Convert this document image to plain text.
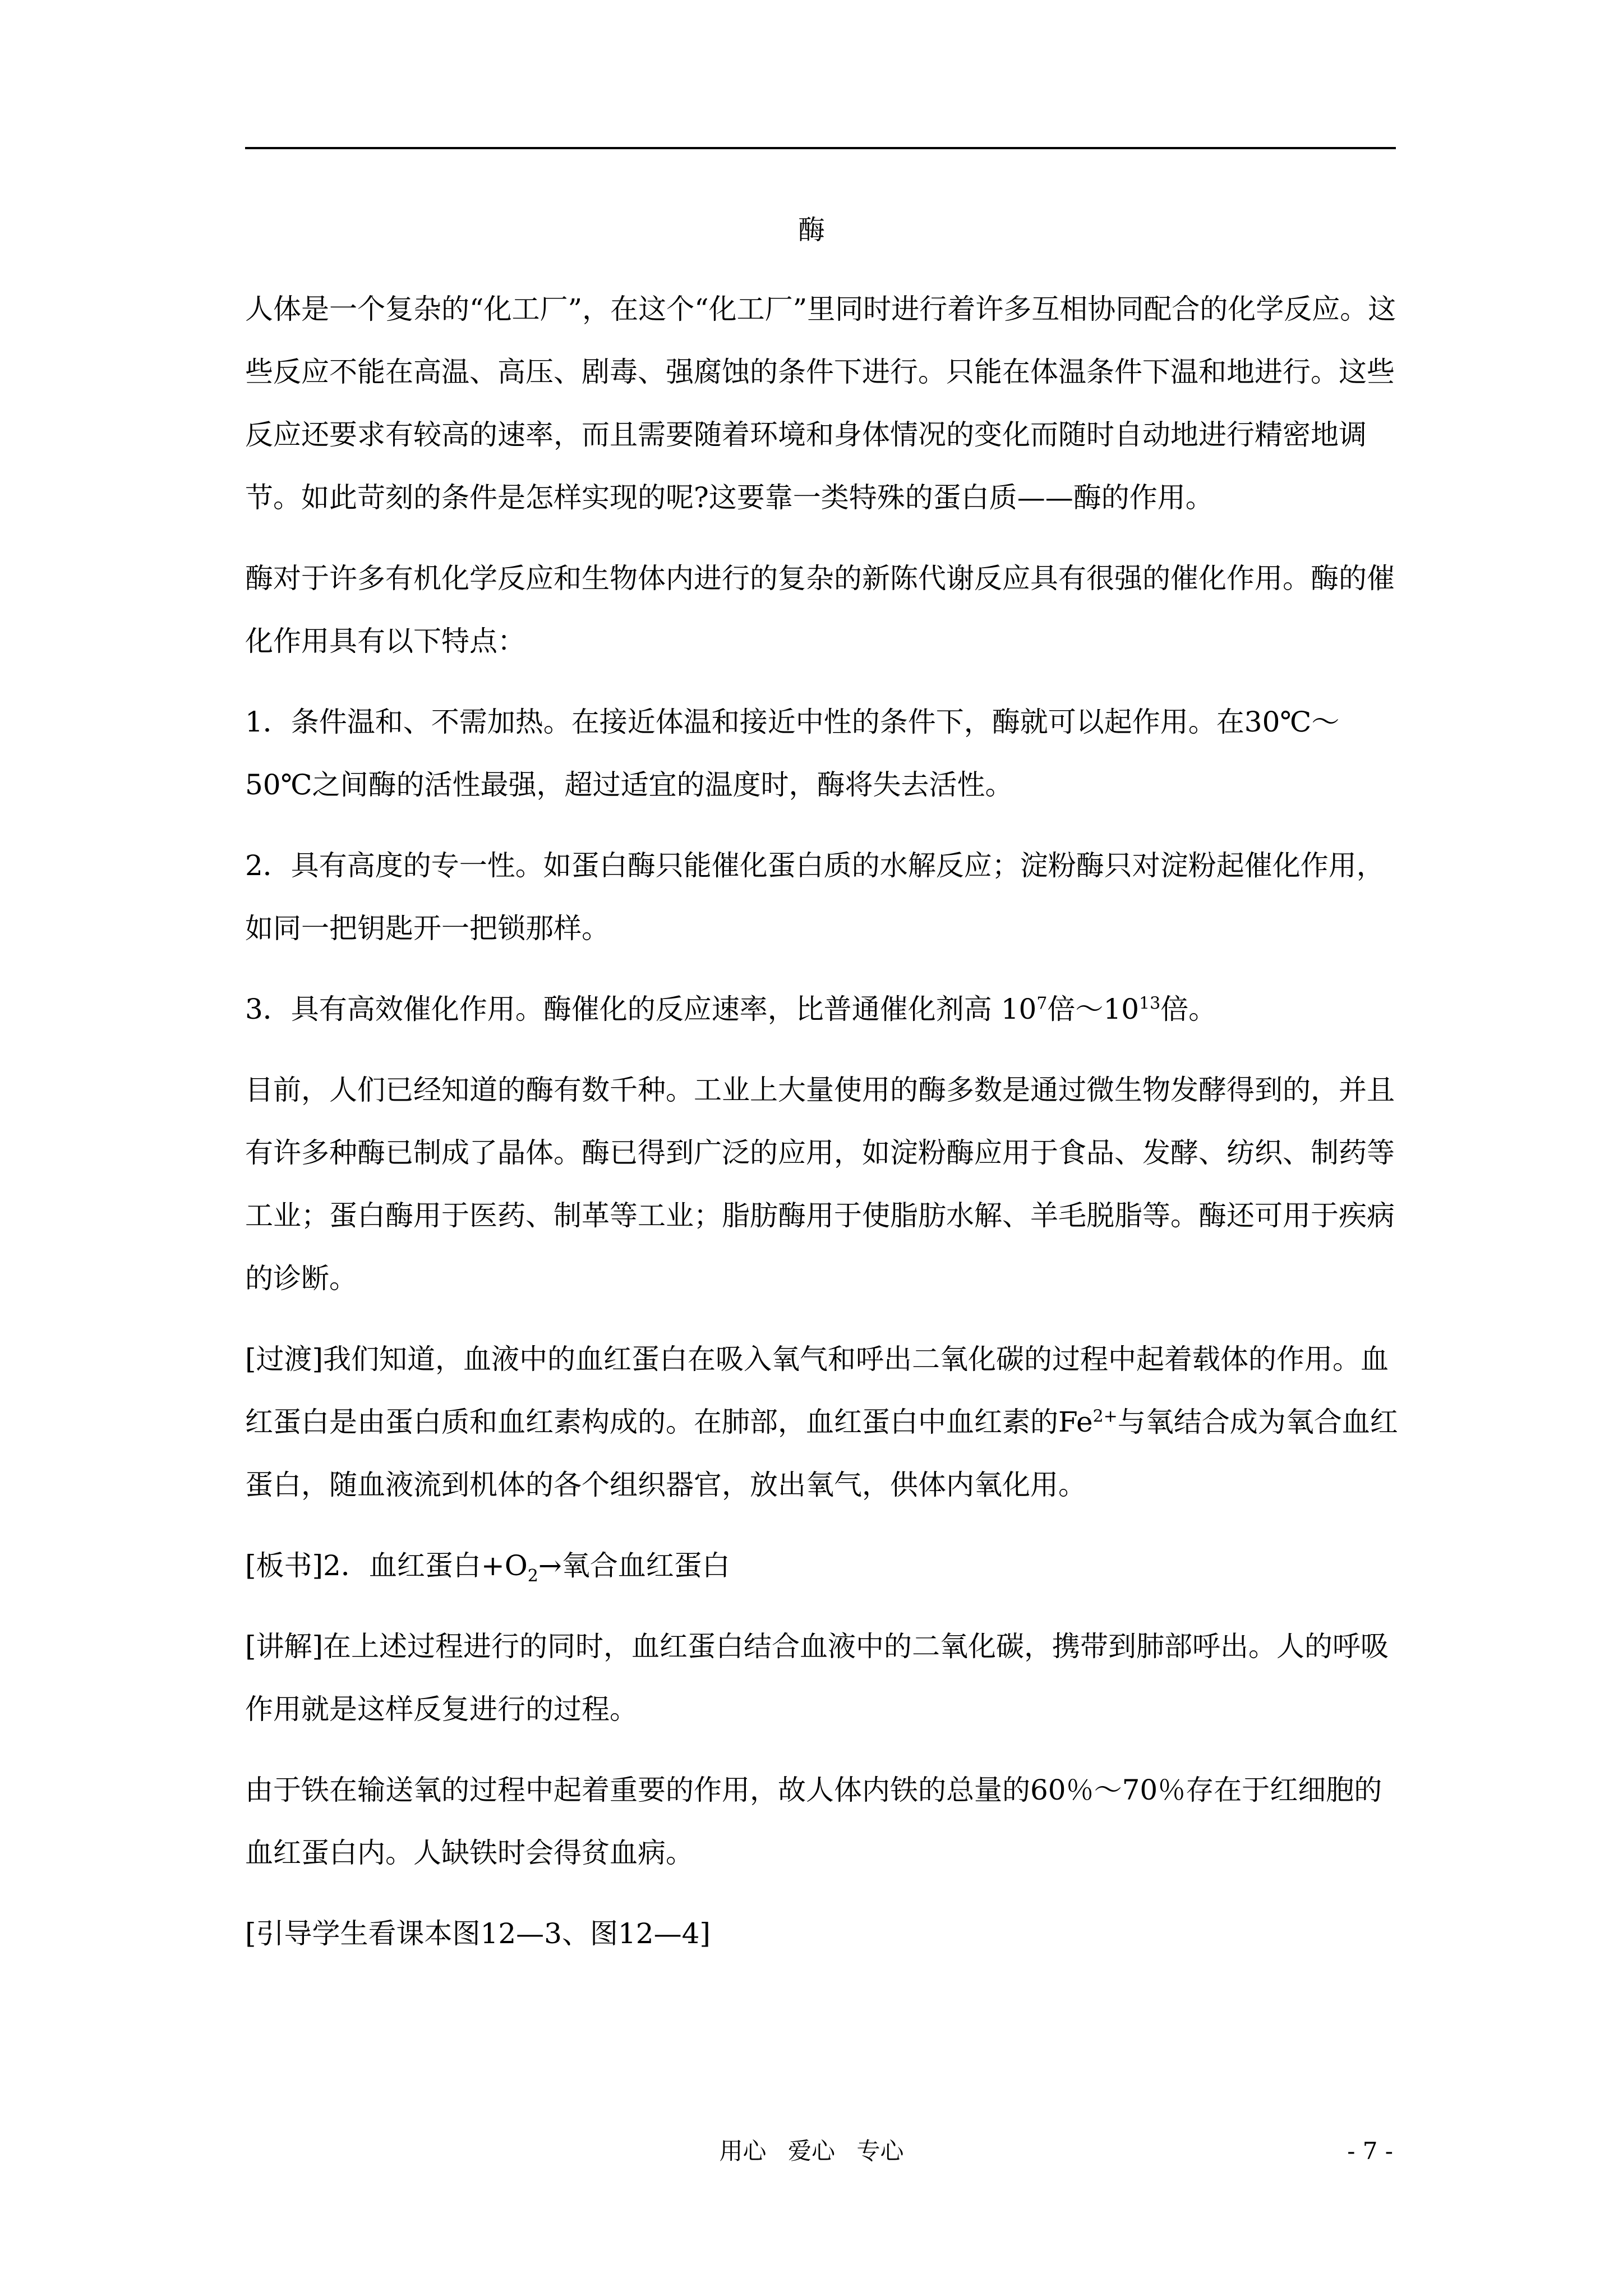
酶

人体是一个复杂的“化工厂”，在这个“化工厂”里同时进行着许多互相协同配合的化学反应。这些反应不能在高温、高压、剧毒、强腐蚀的条件下进行。只能在体温条件下温和地进行。这些反应还要求有较高的速率，而且需要随着环境和身体情况的变化而随时自动地进行精密地调节。如此苛刻的条件是怎样实现的呢?这要靠一类特殊的蛋白质——酶的作用。

酶对于许多有机化学反应和生物体内进行的复杂的新陈代谢反应具有很强的催化作用。酶的催化作用具有以下特点：

1．条件温和、不需加热。在接近体温和接近中性的条件下，酶就可以起作用。在30℃～50℃之间酶的活性最强，超过适宜的温度时，酶将失去活性。

2．具有高度的专一性。如蛋白酶只能催化蛋白质的水解反应；淀粉酶只对淀粉起催化作用，如同一把钥匙开一把锁那样。

3．具有高效催化作用。酶催化的反应速率，比普通催化剂高 $10^7$倍$\sim 10^{13}$倍。

目前，人们已经知道的酶有数千种。工业上大量使用的酶多数是通过微生物发酵得到的，并且有许多种酶已制成了晶体。酶已得到广泛的应用，如淀粉酶应用于食品、发酵、纺织、制药等工业；蛋白酶用于医药、制革等工业；脂肪酶用于使脂肪水解、羊毛脱脂等。酶还可用于疾病的诊断。

[过渡]我们知道，血液中的血红蛋白在吸入氧气和呼出二氧化碳的过程中起着载体的作用。血红蛋白是由蛋白质和血红素构成的。在肺部，血红蛋白中血红素的$Fe^{2+}$与氧结合成为氧合血红蛋白，随血液流到机体的各个组织器官，放出氧气，供体内氧化用。

[板书]2．血红蛋白$+O_2\to$氧合血红蛋白

[讲解]在上述过程进行的同时，血红蛋白结合血液中的二氧化碳，携带到肺部呼出。人的呼吸作用就是这样反复进行的过程。

由于铁在输送氧的过程中起着重要的作用，故人体内铁的总量的60％～70％存在于红细胞的血红蛋白内。人缺铁时会得贫血病。

[引导学生看课本图12—3、图12—4]

用心 爱心 专心	- 7 -
